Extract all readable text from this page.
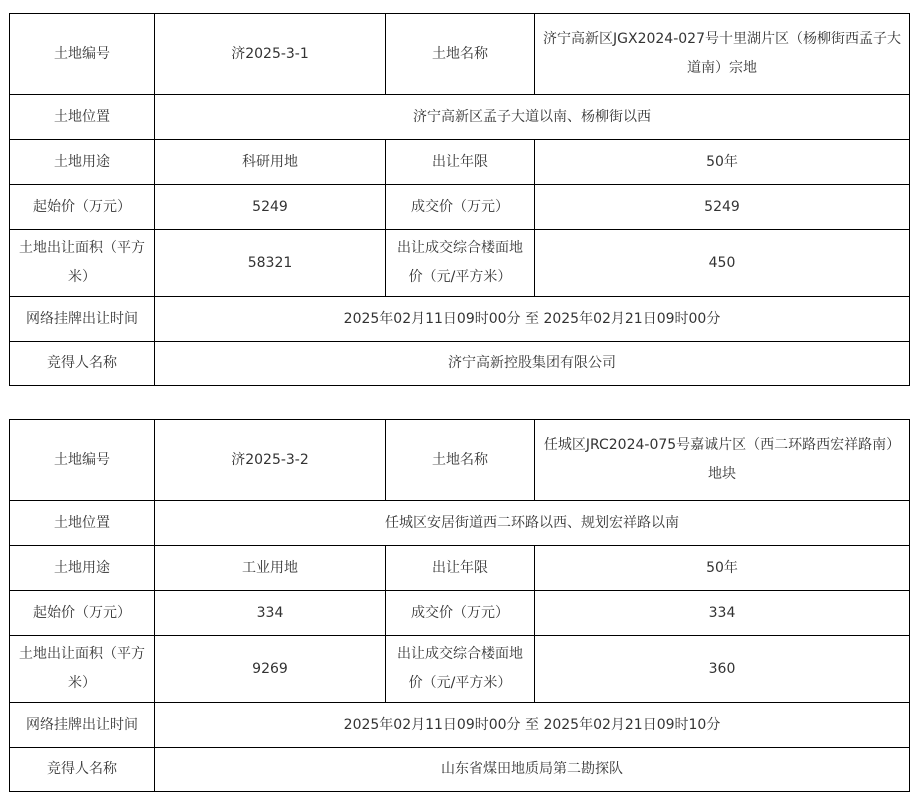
土地编号	济2025-3-1	土地名称	济宁高新区JGX2024-027号十里湖片区（杨柳街西孟子大道南）宗地
土地位置	济宁高新区孟子大道以南、杨柳街以西		
土地用途	科研用地	出让年限	50年
起始价（万元）	5249	成交价（万元）	5249
土地出让面积（平方米）	58321	出让成交综合楼面地价（元/平方米）	450
网络挂牌出让时间	2025年02月11日09时00分 至 2025年02月21日09时00分		
竞得人名称	济宁高新控股集团有限公司		
土地编号	济2025-3-2	土地名称	任城区JRC2024-075号嘉诚片区（西二环路西宏祥路南）地块
土地位置	任城区安居街道西二环路以西、规划宏祥路以南		
土地用途	工业用地	出让年限	50年
起始价（万元）	334	成交价（万元）	334
土地出让面积（平方米）	9269	出让成交综合楼面地价（元/平方米）	360
网络挂牌出让时间	2025年02月11日09时00分 至 2025年02月21日09时10分		
竞得人名称	山东省煤田地质局第二勘探队		
